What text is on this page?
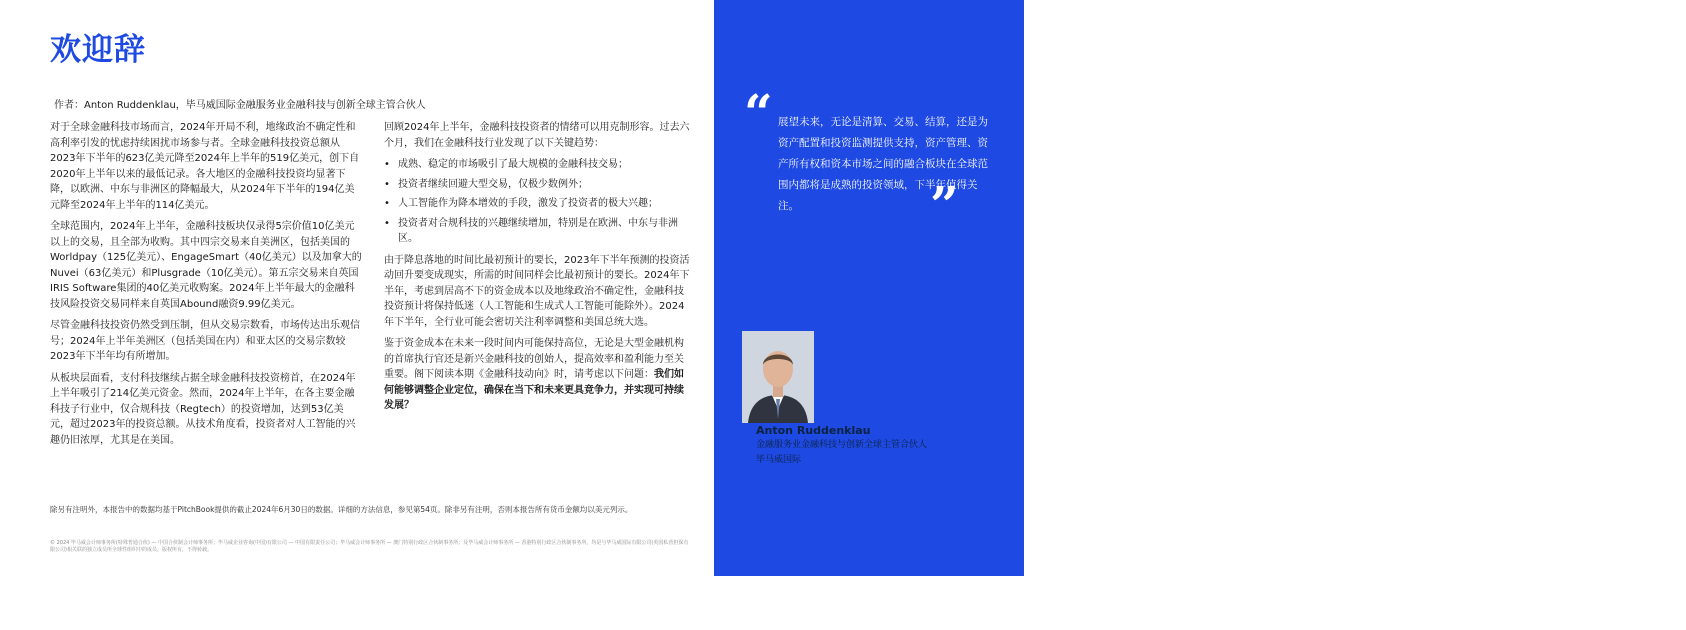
欢迎辞
作者：Anton Ruddenklau，毕马威国际金融服务业金融科技与创新全球主管合伙人

对于全球金融科技市场而言，2024年开局不利，地缘政治不确定性和高利率引发的忧虑持续困扰市场参与者。全球金融科技投资总额从2023年下半年的623亿美元降至2024年上半年的519亿美元，创下自2020年上半年以来的最低记录。各大地区的金融科技投资均显著下降，以欧洲、中东与非洲区的降幅最大，从2024年下半年的194亿美元降至2024年上半年的114亿美元。

全球范围内，2024年上半年，金融科技板块仅录得5宗价值10亿美元以上的交易，且全部为收购。其中四宗交易来自美洲区，包括美国的Worldpay（125亿美元）、EngageSmart（40亿美元）以及加拿大的Nuvei（63亿美元）和Plusgrade（10亿美元）。第五宗交易来自英国IRIS Software集团的40亿美元收购案。2024年上半年最大的金融科技风险投资交易同样来自英国Abound融资9.99亿美元。

尽管金融科技投资仍然受到压制，但从交易宗数看，市场传达出乐观信号；2024年上半年美洲区（包括美国在内）和亚太区的交易宗数较2023年下半年均有所增加。

从板块层面看，支付科技继续占据全球金融科技投资榜首，在2024年上半年吸引了214亿美元资金。然而，2024年上半年，在各主要金融科技子行业中，仅合规科技（Regtech）的投资增加，达到53亿美元，超过2023年的投资总额。从技术角度看，投资者对人工智能的兴趣仍旧浓厚，尤其是在美国。

回顾2024年上半年，金融科技投资者的情绪可以用克制形容。过去六个月，我们在金融科技行业发现了以下关键趋势：

• 成熟、稳定的市场吸引了最大规模的金融科技交易；
• 投资者继续回避大型交易，仅极少数例外；
• 人工智能作为降本增效的手段，激发了投资者的极大兴趣；
• 投资者对合规科技的兴趣继续增加，特别是在欧洲、中东与非洲区。

由于降息落地的时间比最初预计的要长，2023年下半年预测的投资活动回升要变成现实，所需的时间同样会比最初预计的要长。2024年下半年，考虑到居高不下的资金成本以及地缘政治不确定性，金融科技投资预计将保持低迷（人工智能和生成式人工智能可能除外）。2024年下半年，全行业可能会密切关注利率调整和美国总统大选。

鉴于资金成本在未来一段时间内可能保持高位，无论是大型金融机构的首席执行官还是新兴金融科技的创始人，提高效率和盈利能力至关重要。阁下阅读本期《金融科技动向》时，请考虑以下问题：我们如何能够调整企业定位，确保在当下和未来更具竞争力，并实现可持续发展？

除另有注明外，本报告中的数据均基于PitchBook提供的截止2024年6月30日的数据。详细的方法信息，参见第54页。除非另有注明，否则本报告所有货币金额均以美元列示。
© 2024 毕马威会计师事务所(特殊普通合伙) — 中国合伙制会计师事务所；毕马威企业咨询(中国)有限公司 — 中国有限责任公司；毕马威会计师事务所 — 澳门特别行政区合伙制事务所；及毕马威会计师事务所 — 香港特别行政区合伙制事务所，均是与毕马威国际有限公司(英国私营担保有限公司)相关联的独立成员所全球性组织中的成员。版权所有，不得转载。
“ 展望未来，无论是清算、交易、结算，还是为资产配置和投资监测提供支持，资产管理、资产所有权和资本市场之间的融合板块在全球范围内都将是成熟的投资领域，下半年值得关注。	”
#金融科技动向
2
Anton Ruddenklau
金融服务业金融科技与创新全球主管合伙人
毕马威国际
